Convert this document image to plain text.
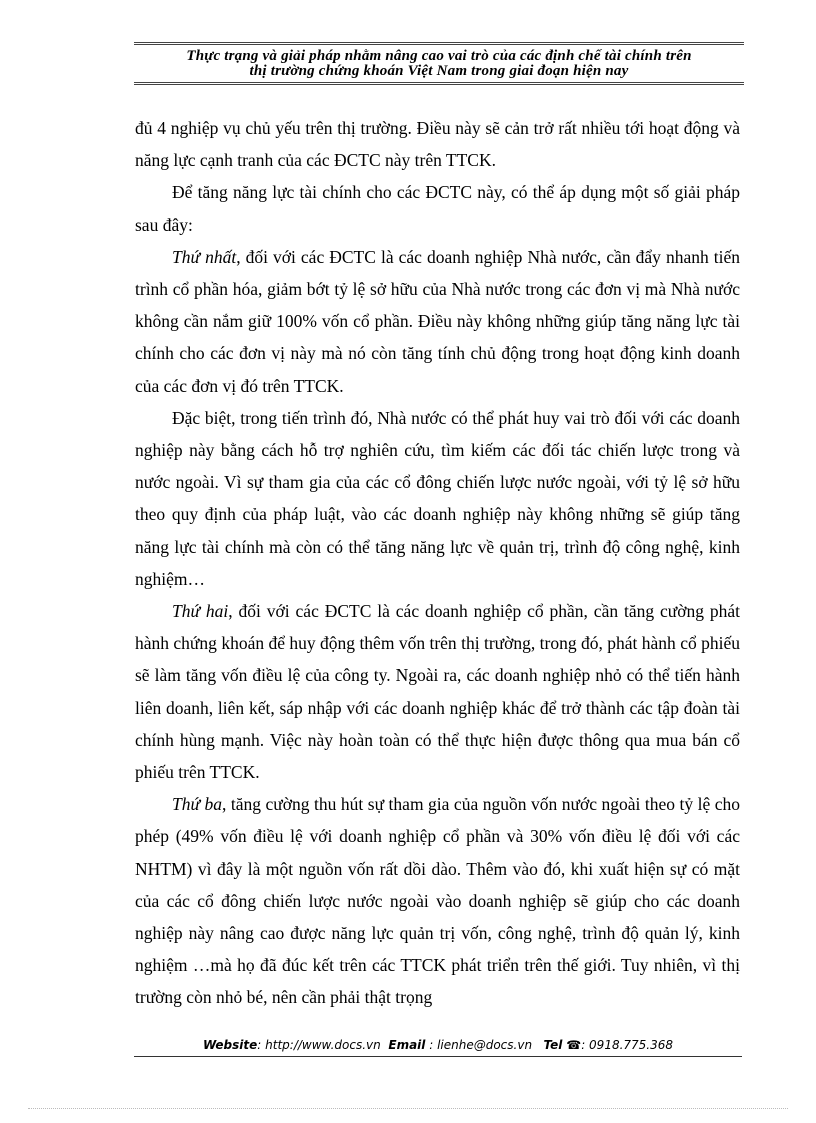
Thực trạng và giải pháp nhằm nâng cao vai trò của các định chế tài chính trên
thị trường chứng khoán Việt Nam trong giai đoạn hiện nay

đủ 4 nghiệp vụ chủ yếu trên thị trường. Điều này sẽ cản trở rất nhiều tới hoạt động và năng lực cạnh tranh của các ĐCTC này trên TTCK.

Để tăng năng lực tài chính cho các ĐCTC này, có thể áp dụng một số giải pháp sau đây:

Thứ nhất, đối với các ĐCTC là các doanh nghiệp Nhà nước, cần đẩy nhanh tiến trình cổ phần hóa, giảm bớt tỷ lệ sở hữu của Nhà nước trong các đơn vị mà Nhà nước không cần nắm giữ 100% vốn cổ phần. Điều này không những giúp tăng năng lực tài chính cho các đơn vị này mà nó còn tăng tính chủ động trong hoạt động kinh doanh của các đơn vị đó trên TTCK.

Đặc biệt, trong tiến trình đó, Nhà nước có thể phát huy vai trò đối với các doanh nghiệp này bằng cách hỗ trợ nghiên cứu, tìm kiếm các đối tác chiến lược trong và nước ngoài. Vì sự tham gia của các cổ đông chiến lược nước ngoài, với tỷ lệ sở hữu theo quy định của pháp luật, vào các doanh nghiệp này không những sẽ giúp tăng năng lực tài chính mà còn có thể tăng năng lực về quản trị, trình độ công nghệ, kinh nghiệm…

Thứ hai, đối với các ĐCTC là các doanh nghiệp cổ phần, cần tăng cường phát hành chứng khoán để huy động thêm vốn trên thị trường, trong đó, phát hành cổ phiếu sẽ làm tăng vốn điều lệ của công ty. Ngoài ra, các doanh nghiệp nhỏ có thể tiến hành liên doanh, liên kết, sáp nhập với các doanh nghiệp khác để trở thành các tập đoàn tài chính hùng mạnh. Việc này hoàn toàn có thể thực hiện được thông qua mua bán cổ phiếu trên TTCK.

Thứ ba, tăng cường thu hút sự tham gia của nguồn vốn nước ngoài theo tỷ lệ cho phép (49% vốn điều lệ với doanh nghiệp cổ phần và 30% vốn điều lệ đối với các NHTM) vì đây là một nguồn vốn rất dồi dào. Thêm vào đó, khi xuất hiện sự có mặt của các cổ đông chiến lược nước ngoài vào doanh nghiệp sẽ giúp cho các doanh nghiệp này nâng cao được năng lực quản trị vốn, công nghệ, trình độ quản lý, kinh nghiệm …mà họ đã đúc kết trên các TTCK phát triển trên thế giới. Tuy nhiên, vì thị trường còn nhỏ bé, nên cần phải thật trọng

Website: http://www.docs.vn Email : lienhe@docs.vn Tel ☎: 0918.775.368
